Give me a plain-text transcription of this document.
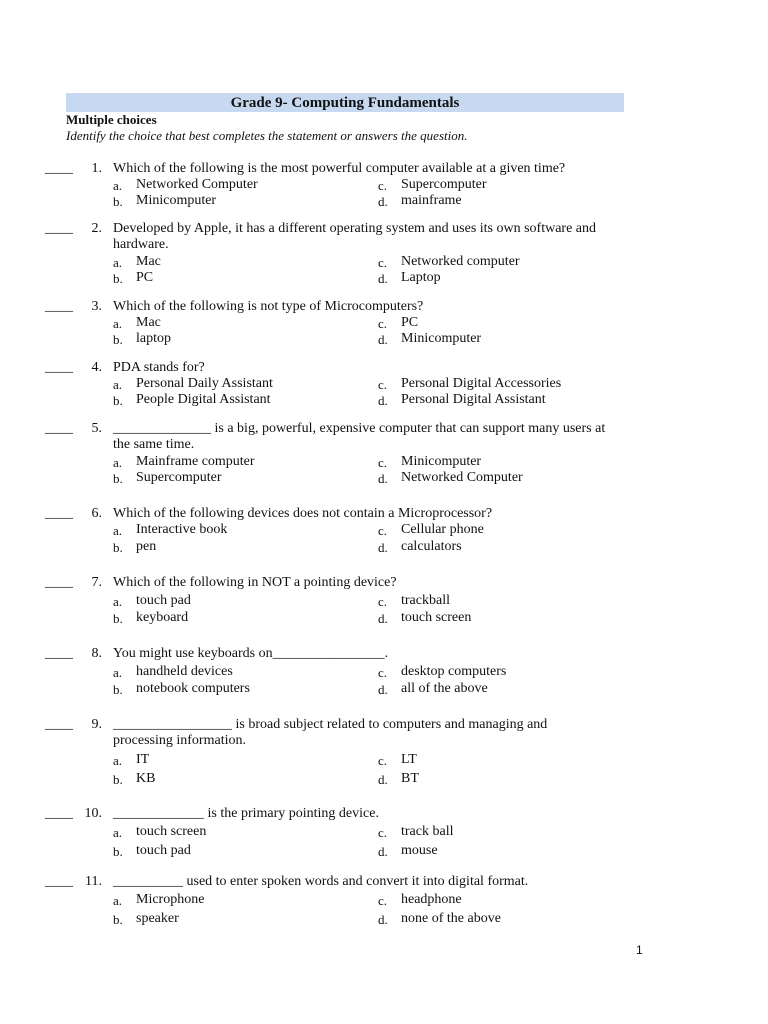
Grade 9- Computing Fundamentals
Multiple choices
Identify the choice that best completes the statement or answers the question.
____	1. Which of the following is the most powerful computer available at a given time?
a. Networked Computer
b. Minicomputer
c. Supercomputer
d. mainframe
____	2. Developed by Apple, it has a different operating system and uses its own software and
hardware.
a. Mac
b. PC
c. Networked computer
d. Laptop
____	3. Which of the following is not type of Microcomputers?
a. Mac
b. laptop
c. PC
d. Minicomputer
____	4. PDA stands for?
a. Personal Daily Assistant
b. People Digital Assistant
c. Personal Digital Accessories
d. Personal Digital Assistant
____	5. ______________ is a big, powerful, expensive computer that can support many users at
the same time.
a. Mainframe computer
b. Supercomputer
c. Minicomputer
d. Networked Computer
____	6. Which of the following devices does not contain a Microprocessor?
a. Interactive book
b. pen
c. Cellular phone
d. calculators
____	7. Which of the following in NOT a pointing device?
a. touch pad
b. keyboard
c. trackball
d. touch screen
____	8. You might use keyboards on________________.
a. handheld devices
b. notebook computers
c. desktop computers
d. all of the above
____	9. _________________ is broad subject related to computers and managing and
processing information.
a. IT
b. KB
c. LT
d. BT
____ 10. _____________ is the primary pointing device.
a. touch screen
b. touch pad
c. track ball
d. mouse
____ 11. __________ used to enter spoken words and convert it into digital format.
a. Microphone
b. speaker
c. headphone
d. none of the above
1
